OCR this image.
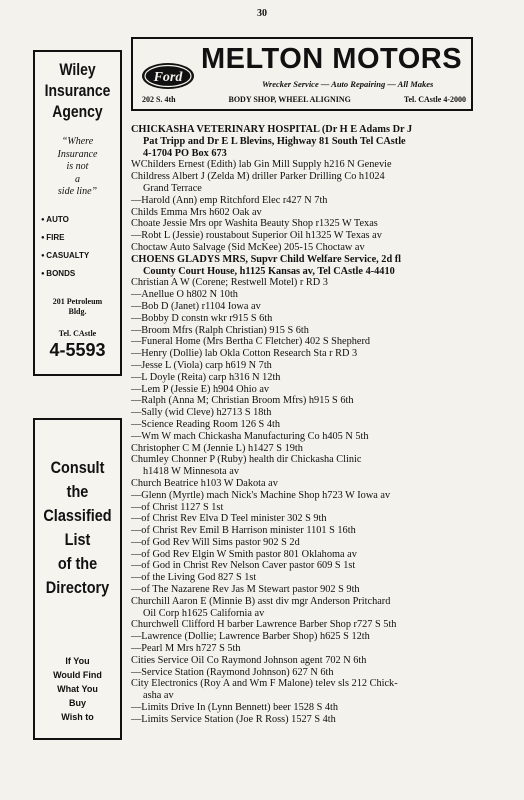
30
Wiley
Insurance
Agency
“Where
Insurance
is not
a
side line”
● AUTO
● FIRE
● CASUALTY
● BONDS
201 Petroleum
Bldg.
Tel. CAstle
4-5593
Consult
the
Classified
List
of the
Directory
If You
Would Find
What You
Buy
Wish to
Ford
MELTON MOTORS
Wrecker Service — Auto Repairing — All Makes
202 S. 4th	BODY SHOP, WHEEL ALIGNING	Tel. CAstle 4-2000
CHICKASHA VETERINARY HOSPITAL (Dr H E Adams Dr J
Pat Tripp and Dr E L Blevins, Highway 81 South Tel CAstle
4-1704 PO Box 673
WChilders Ernest (Edith) lab Gin Mill Supply h216 N Genevie
Childress Albert J (Zelda M) driller Parker Drilling Co h1024
Grand Terrace
—Harold (Ann) emp Ritchford Elec r427 N 7th
Childs Emma Mrs h602 Oak av
Choate Jessie Mrs opr Washita Beauty Shop r1325 W Texas
—Robt L (Jessie) roustabout Superior Oil h1325 W Texas av
Choctaw Auto Salvage (Sid McKee) 205-15 Choctaw av
CHOENS GLADYS MRS, Supvr Child Welfare Service, 2d fl
County Court House, h1125 Kansas av, Tel CAstle 4-4410
Christian A W (Corene; Restwell Motel) r RD 3
—Anellue O h802 N 10th
—Bob D (Janet) r1104 Iowa av
—Bobby D constn wkr r915 S 6th
—Broom Mfrs (Ralph Christian) 915 S 6th
—Funeral Home (Mrs Bertha C Fletcher) 402 S Shepherd
—Henry (Dollie) lab Okla Cotton Research Sta r RD 3
—Jesse L (Viola) carp h619 N 7th
—L Doyle (Reita) carp h316 N 12th
—Lem P (Jessie E) h904 Ohio av
—Ralph (Anna M; Christian Broom Mfrs) h915 S 6th
—Sally (wid Cleve) h2713 S 18th
—Science Reading Room 126 S 4th
—Wm W mach Chickasha Manufacturing Co h405 N 5th
Christopher C M (Jennie L) h1427 S 19th
Chumley Chonner P (Ruby) health dir Chickasha Clinic
h1418 W Minnesota av
Church Beatrice h103 W Dakota av
—Glenn (Myrtle) mach Nick's Machine Shop h723 W Iowa av
—of Christ 1127 S 1st
—of Christ Rev Elva D Teel minister 302 S 9th
—of Christ Rev Emil B Harrison minister 1101 S 16th
—of God Rev Will Sims pastor 902 S 2d
—of God Rev Elgin W Smith pastor 801 Oklahoma av
—of God in Christ Rev Nelson Caver pastor 609 S 1st
—of the Living God 827 S 1st
—of The Nazarene Rev Jas M Stewart pastor 902 S 9th
Churchill Aaron E (Minnie B) asst div mgr Anderson Pritchard
Oil Corp h1625 California av
Churchwell Clifford H barber Lawrence Barber Shop r727 S 5th
—Lawrence (Dollie; Lawrence Barber Shop) h625 S 12th
—Pearl M Mrs h727 S 5th
Cities Service Oil Co Raymond Johnson agent 702 N 6th
—Service Station (Raymond Johnson) 627 N 6th
City Electronics (Roy A and Wm F Malone) telev sls 212 Chick-
asha av
—Limits Drive In (Lynn Bennett) beer 1528 S 4th
—Limits Service Station (Joe R Ross) 1527 S 4th
